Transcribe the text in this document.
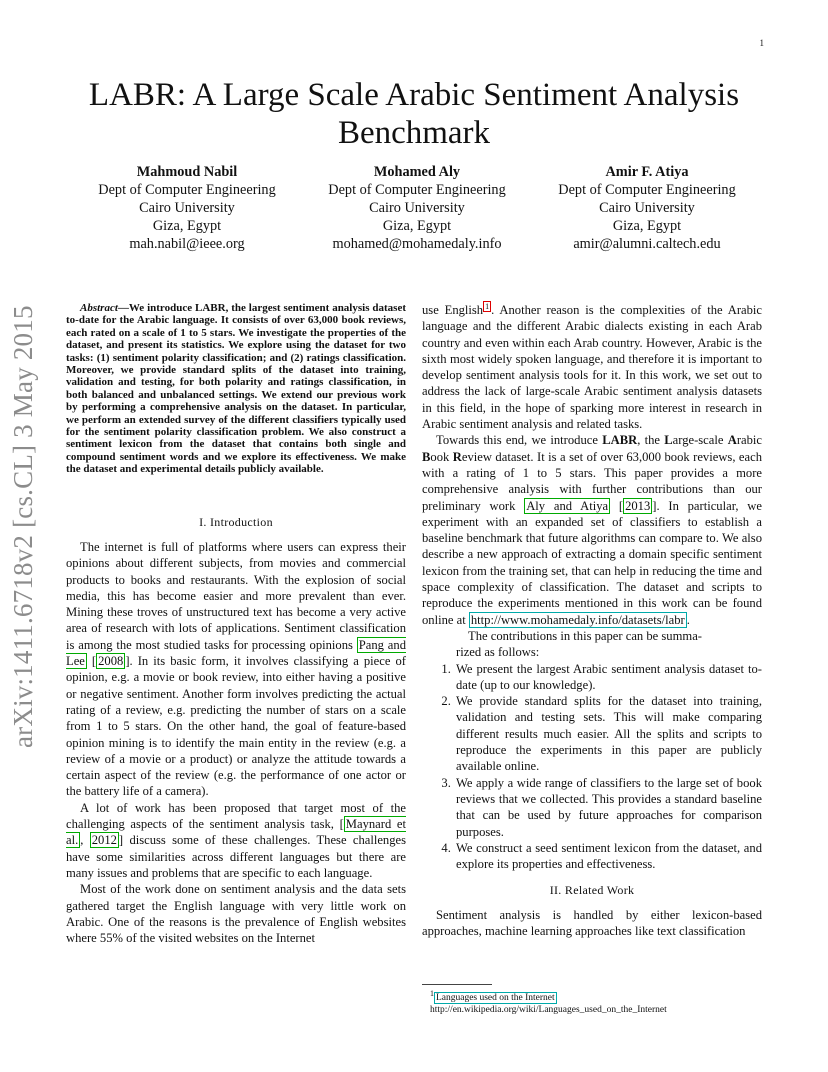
1
arXiv:1411.6718v2 [cs.CL] 3 May 2015
LABR: A Large Scale Arabic Sentiment Analysis Benchmark
Mahmoud Nabil
Dept of Computer Engineering
Cairo University
Giza, Egypt
mah.nabil@ieee.org
Mohamed Aly
Dept of Computer Engineering
Cairo University
Giza, Egypt
mohamed@mohamedaly.info
Amir F. Atiya
Dept of Computer Engineering
Cairo University
Giza, Egypt
amir@alumni.caltech.edu

Abstract—We introduce LABR, the largest sentiment analysis dataset to-date for the Arabic language. It consists of over 63,000 book reviews, each rated on a scale of 1 to 5 stars. We investigate the properties of the dataset, and present its statistics. We explore using the dataset for two tasks: (1) sentiment polarity classification; and (2) ratings classification. Moreover, we provide standard splits of the dataset into training, validation and testing, for both polarity and ratings classification, in both balanced and unbalanced settings. We extend our previous work by performing a comprehensive analysis on the dataset. In particular, we perform an extended survey of the different classifiers typically used for the sentiment polarity classification problem. We also construct a sentiment lexicon from the dataset that contains both single and compound sentiment words and we explore its effectiveness. We make the dataset and experimental details publicly available.

I. Introduction

The internet is full of platforms where users can express their opinions about different subjects, from movies and commercial products to books and restaurants. With the explosion of social media, this has become easier and more prevalent than ever. Mining these troves of unstructured text has become a very active area of research with lots of applications. Sentiment classification is among the most studied tasks for processing opinions Pang and Lee [ 2008 ]. In its basic form, it involves classifying a piece of opinion, e.g. a movie or book review, into either having a positive or negative sentiment. Another form involves predicting the actual rating of a review, e.g. predicting the number of stars on a scale from 1 to 5 stars. On the other hand, the goal of feature-based opinion mining is to identify the main entity in the review (e.g. a review of a movie or a product) or analyze the attitude towards a certain aspect of the review (e.g. the performance of one actor or the battery life of a camera).

A lot of work has been proposed that target most of the challenging aspects of the sentiment analysis task, [ Maynard et al. , 2012 ] discuss some of these challenges. These challenges have some similarities across different languages but there are many issues and problems that are specific to each language.

Most of the work done on sentiment analysis and the data sets gathered target the English language with very little work on Arabic. One of the reasons is the prevalence of English websites where 55% of the visited websites on the Internet

use English $^1$ . Another reason is the complexities of the Arabic language and the different Arabic dialects existing in each Arab country and even within each Arab country. However, Arabic is the sixth most widely spoken language, and therefore it is important to develop sentiment analysis tools for it. In this work, we set out to address the lack of large-scale Arabic sentiment analysis datasets in this field, in the hope of sparking more interest in research in Arabic sentiment analysis and related tasks.

Towards this end, we introduce LABR, the Large-scale Arabic Book Review dataset. It is a set of over 63,000 book reviews, each with a rating of 1 to 5 stars. This paper provides a more comprehensive analysis with further contributions than our preliminary work Aly and Atiya [ 2013 ]. In particular, we experiment with an expanded set of classifiers to establish a baseline benchmark that future algorithms can compare to. We also describe a new approach of extracting a domain specific sentiment lexicon from the training set, that can help in reducing the time and space complexity of classification. The dataset and scripts to reproduce the experiments mentioned in this work can be found online at http://www.mohamedaly.info/datasets/labr .

The contributions in this paper can be summa-

rized as follows:

1. We present the largest Arabic sentiment analysis dataset to-date (up to our knowledge).
2. We provide standard splits for the dataset into training, validation and testing sets. This will make comparing different results much easier. All the splits and scripts to reproduce the experiments in this paper are publicly available online.
3. We apply a wide range of classifiers to the large set of book reviews that we collected. This provides a standard baseline that can be used by future approaches for comparison purposes.
4. We construct a seed sentiment lexicon from the dataset, and explore its properties and effectiveness.
II. Related Work

Sentiment analysis is handled by either lexicon-based approaches, machine learning approaches like text classification

$^1$ Languages used on the Internet
http://en.wikipedia.org/wiki/Languages_used_on_the_Internet
